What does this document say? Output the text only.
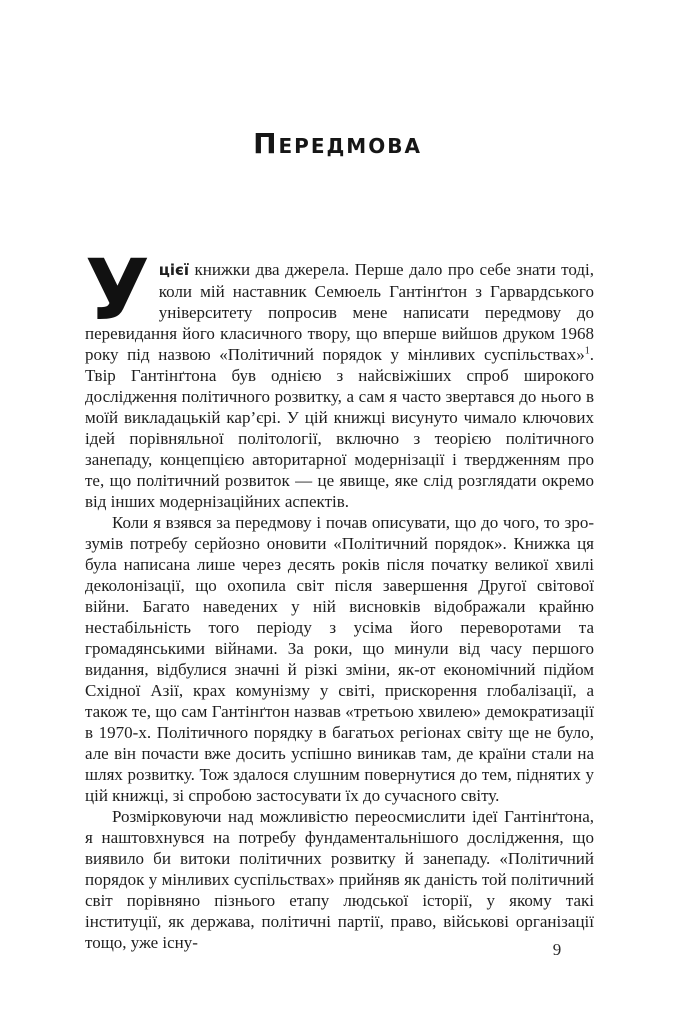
Передмова

Уцієї книжки два джерела. Перше дало про себе знати тоді, коли мій наставник Семюель Гантінґтон з Гарвардського університету попросив мене написати передмову до перевидання його класичного твору, що вперше вийшов друком 1968 року під назвою «Політичний порядок у мінливих суспільствах»$^1$. Твір Гантінґтона був однією з найсвіжіших спроб широкого дослідження політичного розвитку, а сам я часто звертався до нього в моїй викладацькій кар’єрі. У цій книжці висунуто чимало ключових ідей порівняльної політології, включно з теорією політичного занепаду, концепцією авторитарної модернізації і твердженням про те, що політичний розвиток — це явище, яке слід розглядати окремо від інших модернізаційних аспектів.

Коли я взявся за передмову і почав описувати, що до чого, то зрозумів потребу серйозно оновити «Політичний порядок». Книжка ця була написана лише через десять років після початку великої хвилі деколонізації, що охопила світ після завершення Другої світової війни. Багато наведених у ній висновків відображали крайню нестабільність того періоду з усіма його переворотами та громадянськими війнами. За роки, що минули від часу першого видання, відбулися значні й різкі зміни, як-от економічний підйом Східної Азії, крах комунізму у світі, прискорення глобалізації, а також те, що сам Гантінґтон назвав «третьою хвилею» демократизації в 1970-х. Політичного порядку в багатьох регіонах світу ще не було, але він почасти вже досить успішно виникав там, де країни стали на шлях розвитку. Тож здалося слушним повернутися до тем, піднятих у цій книжці, зі спробою застосувати їх до сучасного світу.

Розмірковуючи над можливістю переосмислити ідеї Гантінґтона, я наштовхнувся на потребу фундаментальнішого дослідження, що виявило би витоки політичних розвитку й занепаду. «Політичний порядок у мінливих суспільствах» прийняв як даність той політичний світ порівняно пізнього етапу людської історії, у якому такі інституції, як держава, політичні партії, право, військові організації тощо, уже існу-	9
